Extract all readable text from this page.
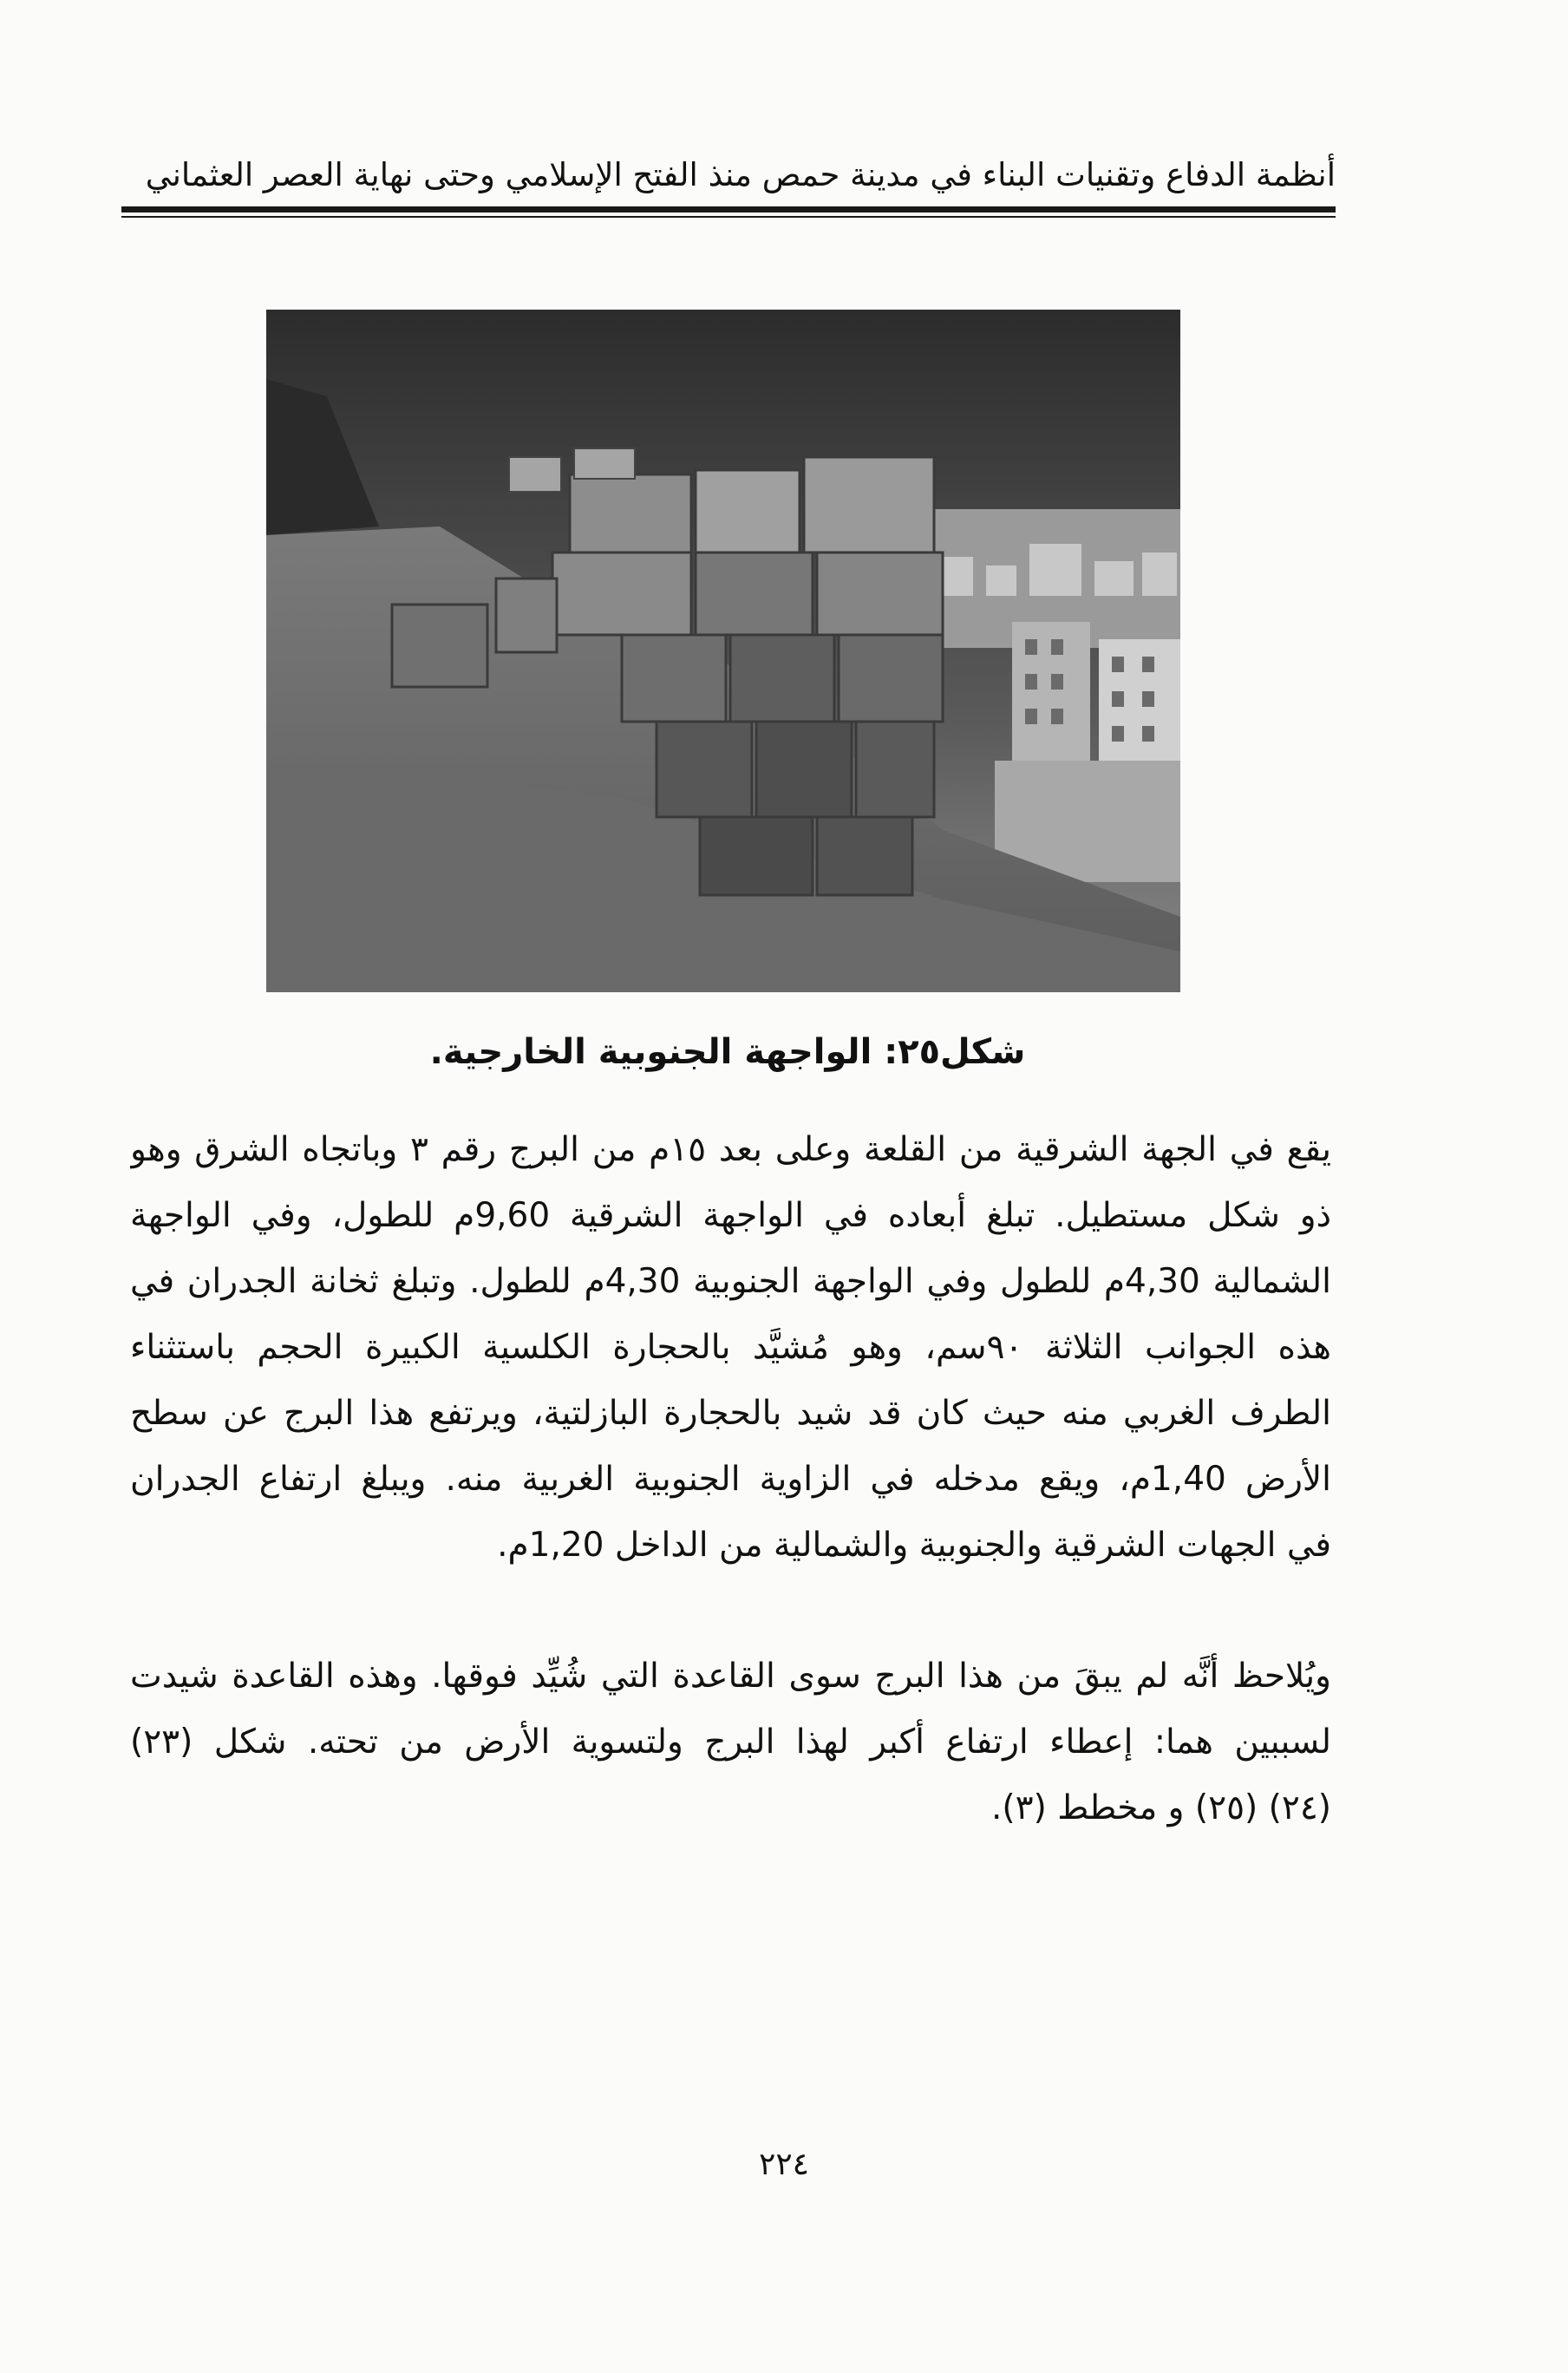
أنظمة الدفاع وتقنيات البناء في مدينة حمص منذ الفتح الإسلامي وحتى نهاية العصر العثماني
شكل٢٥: الواجهة الجنوبية الخارجية.
يقع في الجهة الشرقية من القلعة وعلى بعد ١٥م من البرج رقم ٣ وباتجاه الشرق وهو
ذو شكل مستطيل. تبلغ أبعاده في الواجهة الشرقية 9,60م للطول، وفي الواجهة
الشمالية 4,30م للطول وفي الواجهة الجنوبية 4,30م للطول. وتبلغ ثخانة الجدران في
هذه الجوانب الثلاثة ٩٠سم، وهو مُشيَّد بالحجارة الكلسية الكبيرة الحجم باستثناء
الطرف الغربي منه حيث كان قد شيد بالحجارة البازلتية، ويرتفع هذا البرج عن سطح
الأرض 1,40م، ويقع مدخله في الزاوية الجنوبية الغربية منه. ويبلغ ارتفاع الجدران
في الجهات الشرقية والجنوبية والشمالية من الداخل 1,20م.
ويُلاحظ أنَّه لم يبقَ من هذا البرج سوى القاعدة التي شُيِّد فوقها. وهذه القاعدة شيدت
لسببين هما: إعطاء ارتفاع أكبر لهذا البرج ولتسوية الأرض من تحته. شكل (٢٣)
(٢٤) (٢٥) و مخطط (٣).
٢٢٤
